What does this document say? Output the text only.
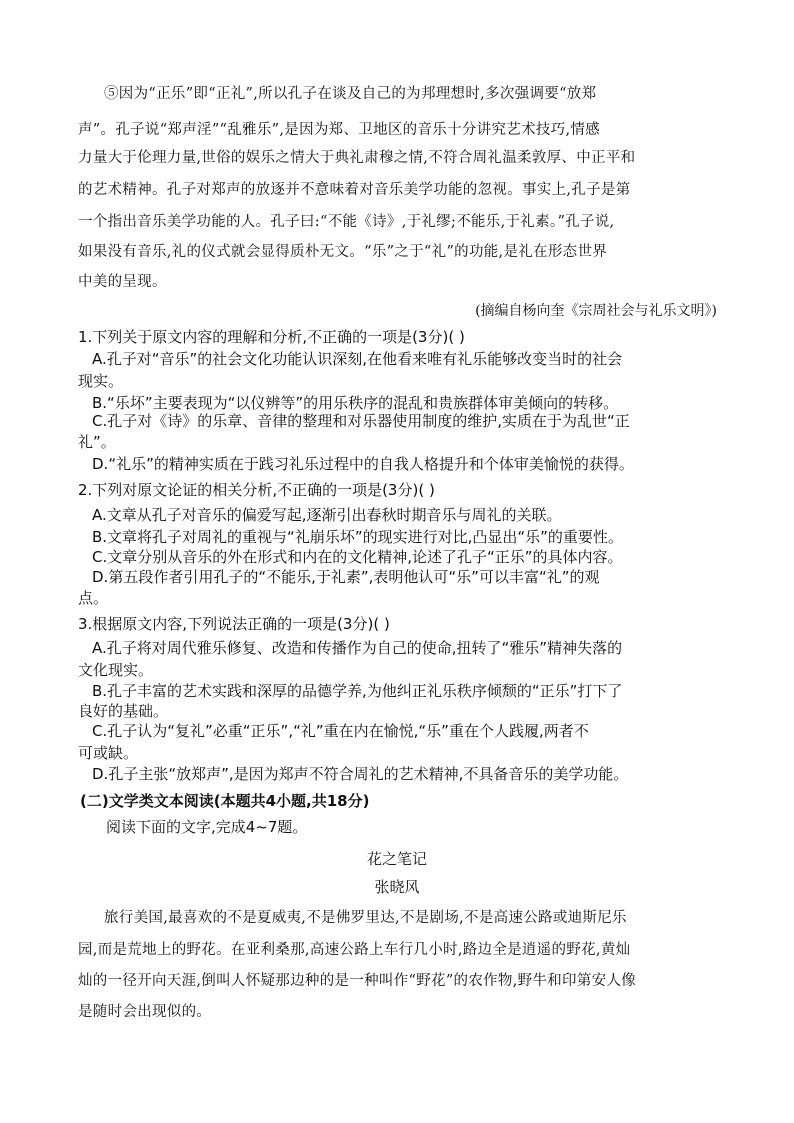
⑤因为“正乐”即“正礼”,所以孔子在谈及自己的为邦理想时,多次强调要“放郑
声”。孔子说“郑声淫”“乱雅乐”,是因为郑、卫地区的音乐十分讲究艺术技巧,情感
力量大于伦理力量,世俗的娱乐之情大于典礼肃穆之情,不符合周礼温柔敦厚、中正平和
的艺术精神。孔子对郑声的放逐并不意味着对音乐美学功能的忽视。事实上,孔子是第
一个指出音乐美学功能的人。孔子曰:“不能《诗》,于礼缪;不能乐,于礼素。”孔子说,
如果没有音乐,礼的仪式就会显得质朴无文。“乐”之于“礼”的功能,是礼在形态世界
中美的呈现。
(摘编自杨向奎《宗周社会与礼乐文明》)
1.下列关于原文内容的理解和分析,不正确的一项是(3分)( )
A.孔子对“音乐”的社会文化功能认识深刻,在他看来唯有礼乐能够改变当时的社会
现实。
B.“乐坏”主要表现为“以仪辨等”的用乐秩序的混乱和贵族群体审美倾向的转移。
C.孔子对《诗》的乐章、音律的整理和对乐器使用制度的维护,实质在于为乱世“正
礼”。
D.“礼乐”的精神实质在于践习礼乐过程中的自我人格提升和个体审美愉悦的获得。
2.下列对原文论证的相关分析,不正确的一项是(3分)( )
A.文章从孔子对音乐的偏爱写起,逐渐引出春秋时期音乐与周礼的关联。
B.文章将孔子对周礼的重视与“礼崩乐坏”的现实进行对比,凸显出“乐”的重要性。
C.文章分别从音乐的外在形式和内在的文化精神,论述了孔子“正乐”的具体内容。
D.第五段作者引用孔子的“不能乐,于礼素”,表明他认可“乐”可以丰富“礼”的观
点。
3.根据原文内容,下列说法正确的一项是(3分)( )
A.孔子将对周代雅乐修复、改造和传播作为自己的使命,扭转了“雅乐”精神失落的
文化现实。
B.孔子丰富的艺术实践和深厚的品德学养,为他纠正礼乐秩序倾颓的“正乐”打下了
良好的基础。
C.孔子认为“复礼”必重“正乐”,“礼”重在内在愉悦,“乐”重在个人践履,两者不
可或缺。
D.孔子主张“放郑声”,是因为郑声不符合周礼的艺术精神,不具备音乐的美学功能。
(二)文学类文本阅读(本题共4小题,共18分)
阅读下面的文字,完成4~7题。
花之笔记
张晓风
旅行美国,最喜欢的不是夏威夷,不是佛罗里达,不是剧场,不是高速公路或迪斯尼乐
园,而是荒地上的野花。在亚利桑那,高速公路上车行几小时,路边全是逍遥的野花,黄灿
灿的一径开向天涯,倒叫人怀疑那边种的是一种叫作“野花”的农作物,野牛和印第安人像
是随时会出现似的。
